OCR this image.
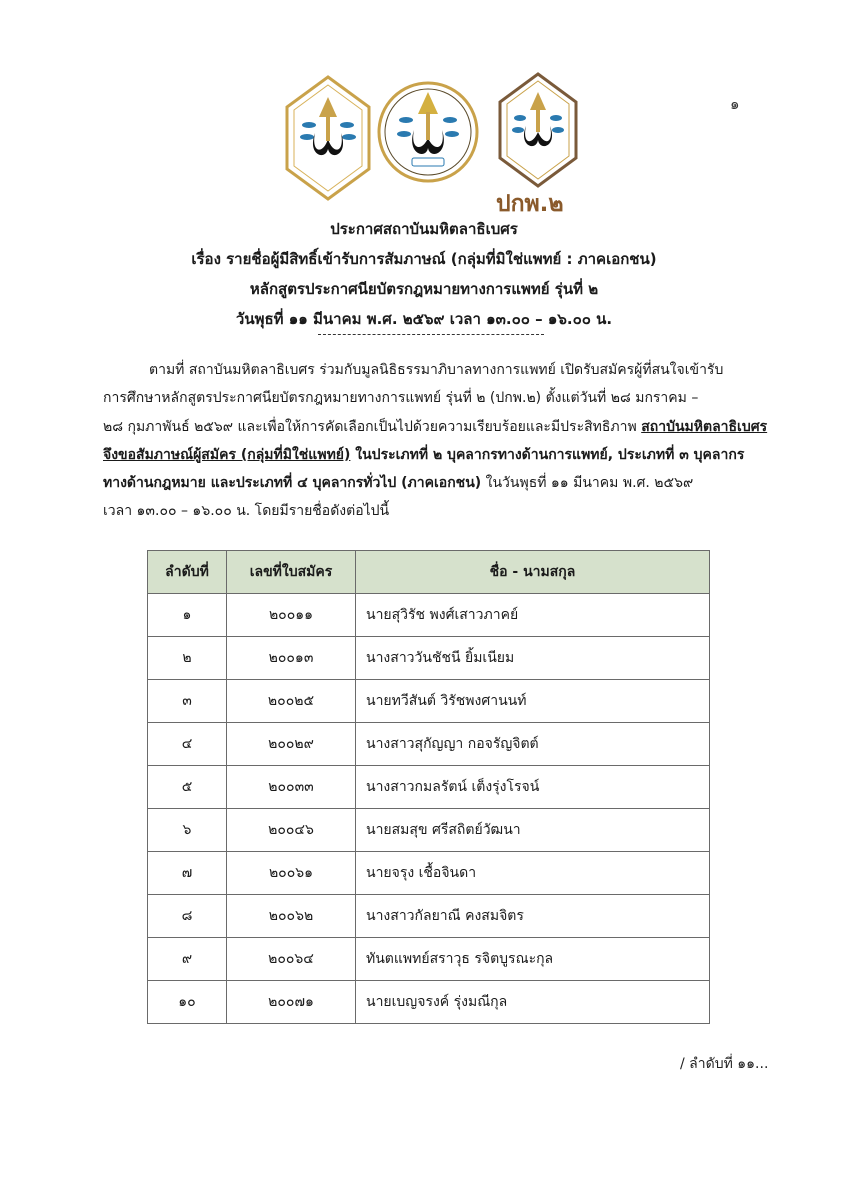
๑
ปกพ.๒
ประกาศสถาบันมหิตลาธิเบศร
เรื่อง รายชื่อผู้มีสิทธิ์เข้ารับการสัมภาษณ์ (กลุ่มที่มิใช่แพทย์ : ภาคเอกชน)
หลักสูตรประกาศนียบัตรกฎหมายทางการแพทย์ รุ่นที่ ๒
วันพุธที่ ๑๑ มีนาคม พ.ศ. ๒๕๖๙ เวลา ๑๓.๐๐ – ๑๖.๐๐ น.

ตามที่ สถาบันมหิตลาธิเบศร ร่วมกับมูลนิธิธรรมาภิบาลทางการแพทย์ เปิดรับสมัครผู้ที่สนใจเข้ารับ

การศึกษาหลักสูตรประกาศนียบัตรกฎหมายทางการแพทย์ รุ่นที่ ๒ (ปกพ.๒) ตั้งแต่วันที่ ๒๘ มกราคม –

๒๘ กุมภาพันธ์ ๒๕๖๙ และเพื่อให้การคัดเลือกเป็นไปด้วยความเรียบร้อยและมีประสิทธิภาพ สถาบันมหิตลาธิเบศร

จึงขอสัมภาษณ์ผู้สมัคร (กลุ่มที่มิใช่แพทย์) ในประเภทที่ ๒ บุคลากรทางด้านการแพทย์, ประเภทที่ ๓ บุคลากร

ทางด้านกฎหมาย และประเภทที่ ๔ บุคลากรทั่วไป (ภาคเอกชน) ในวันพุธที่ ๑๑ มีนาคม พ.ศ. ๒๕๖๙

เวลา ๑๓.๐๐ – ๑๖.๐๐ น. โดยมีรายชื่อดังต่อไปนี้

ลำดับที่	เลขที่ใบสมัคร	ชื่อ - นามสกุล
๑	๒๐๐๑๑	นายสุวิรัช พงศ์เสาวภาคย์
๒	๒๐๐๑๓	นางสาววันชัชนี ยิ้มเนียม
๓	๒๐๐๒๕	นายทวีสันต์ วิรัชพงศานนท์
๔	๒๐๐๒๙	นางสาวสุกัญญา กอจรัญจิตต์
๕	๒๐๐๓๓	นางสาวกมลรัตน์ เต็งรุ่งโรจน์
๖	๒๐๐๔๖	นายสมสุข ศรีสถิตย์วัฒนา
๗	๒๐๐๖๑	นายจรุง เชื้อจินดา
๘	๒๐๐๖๒	นางสาวกัลยาณี คงสมจิตร
๙	๒๐๐๖๔	ทันตแพทย์สราวุธ รจิตบูรณะกุล
๑๐	๒๐๐๗๑	นายเบญจรงค์ รุ่งมณีกุล
/ ลำดับที่ ๑๑...
